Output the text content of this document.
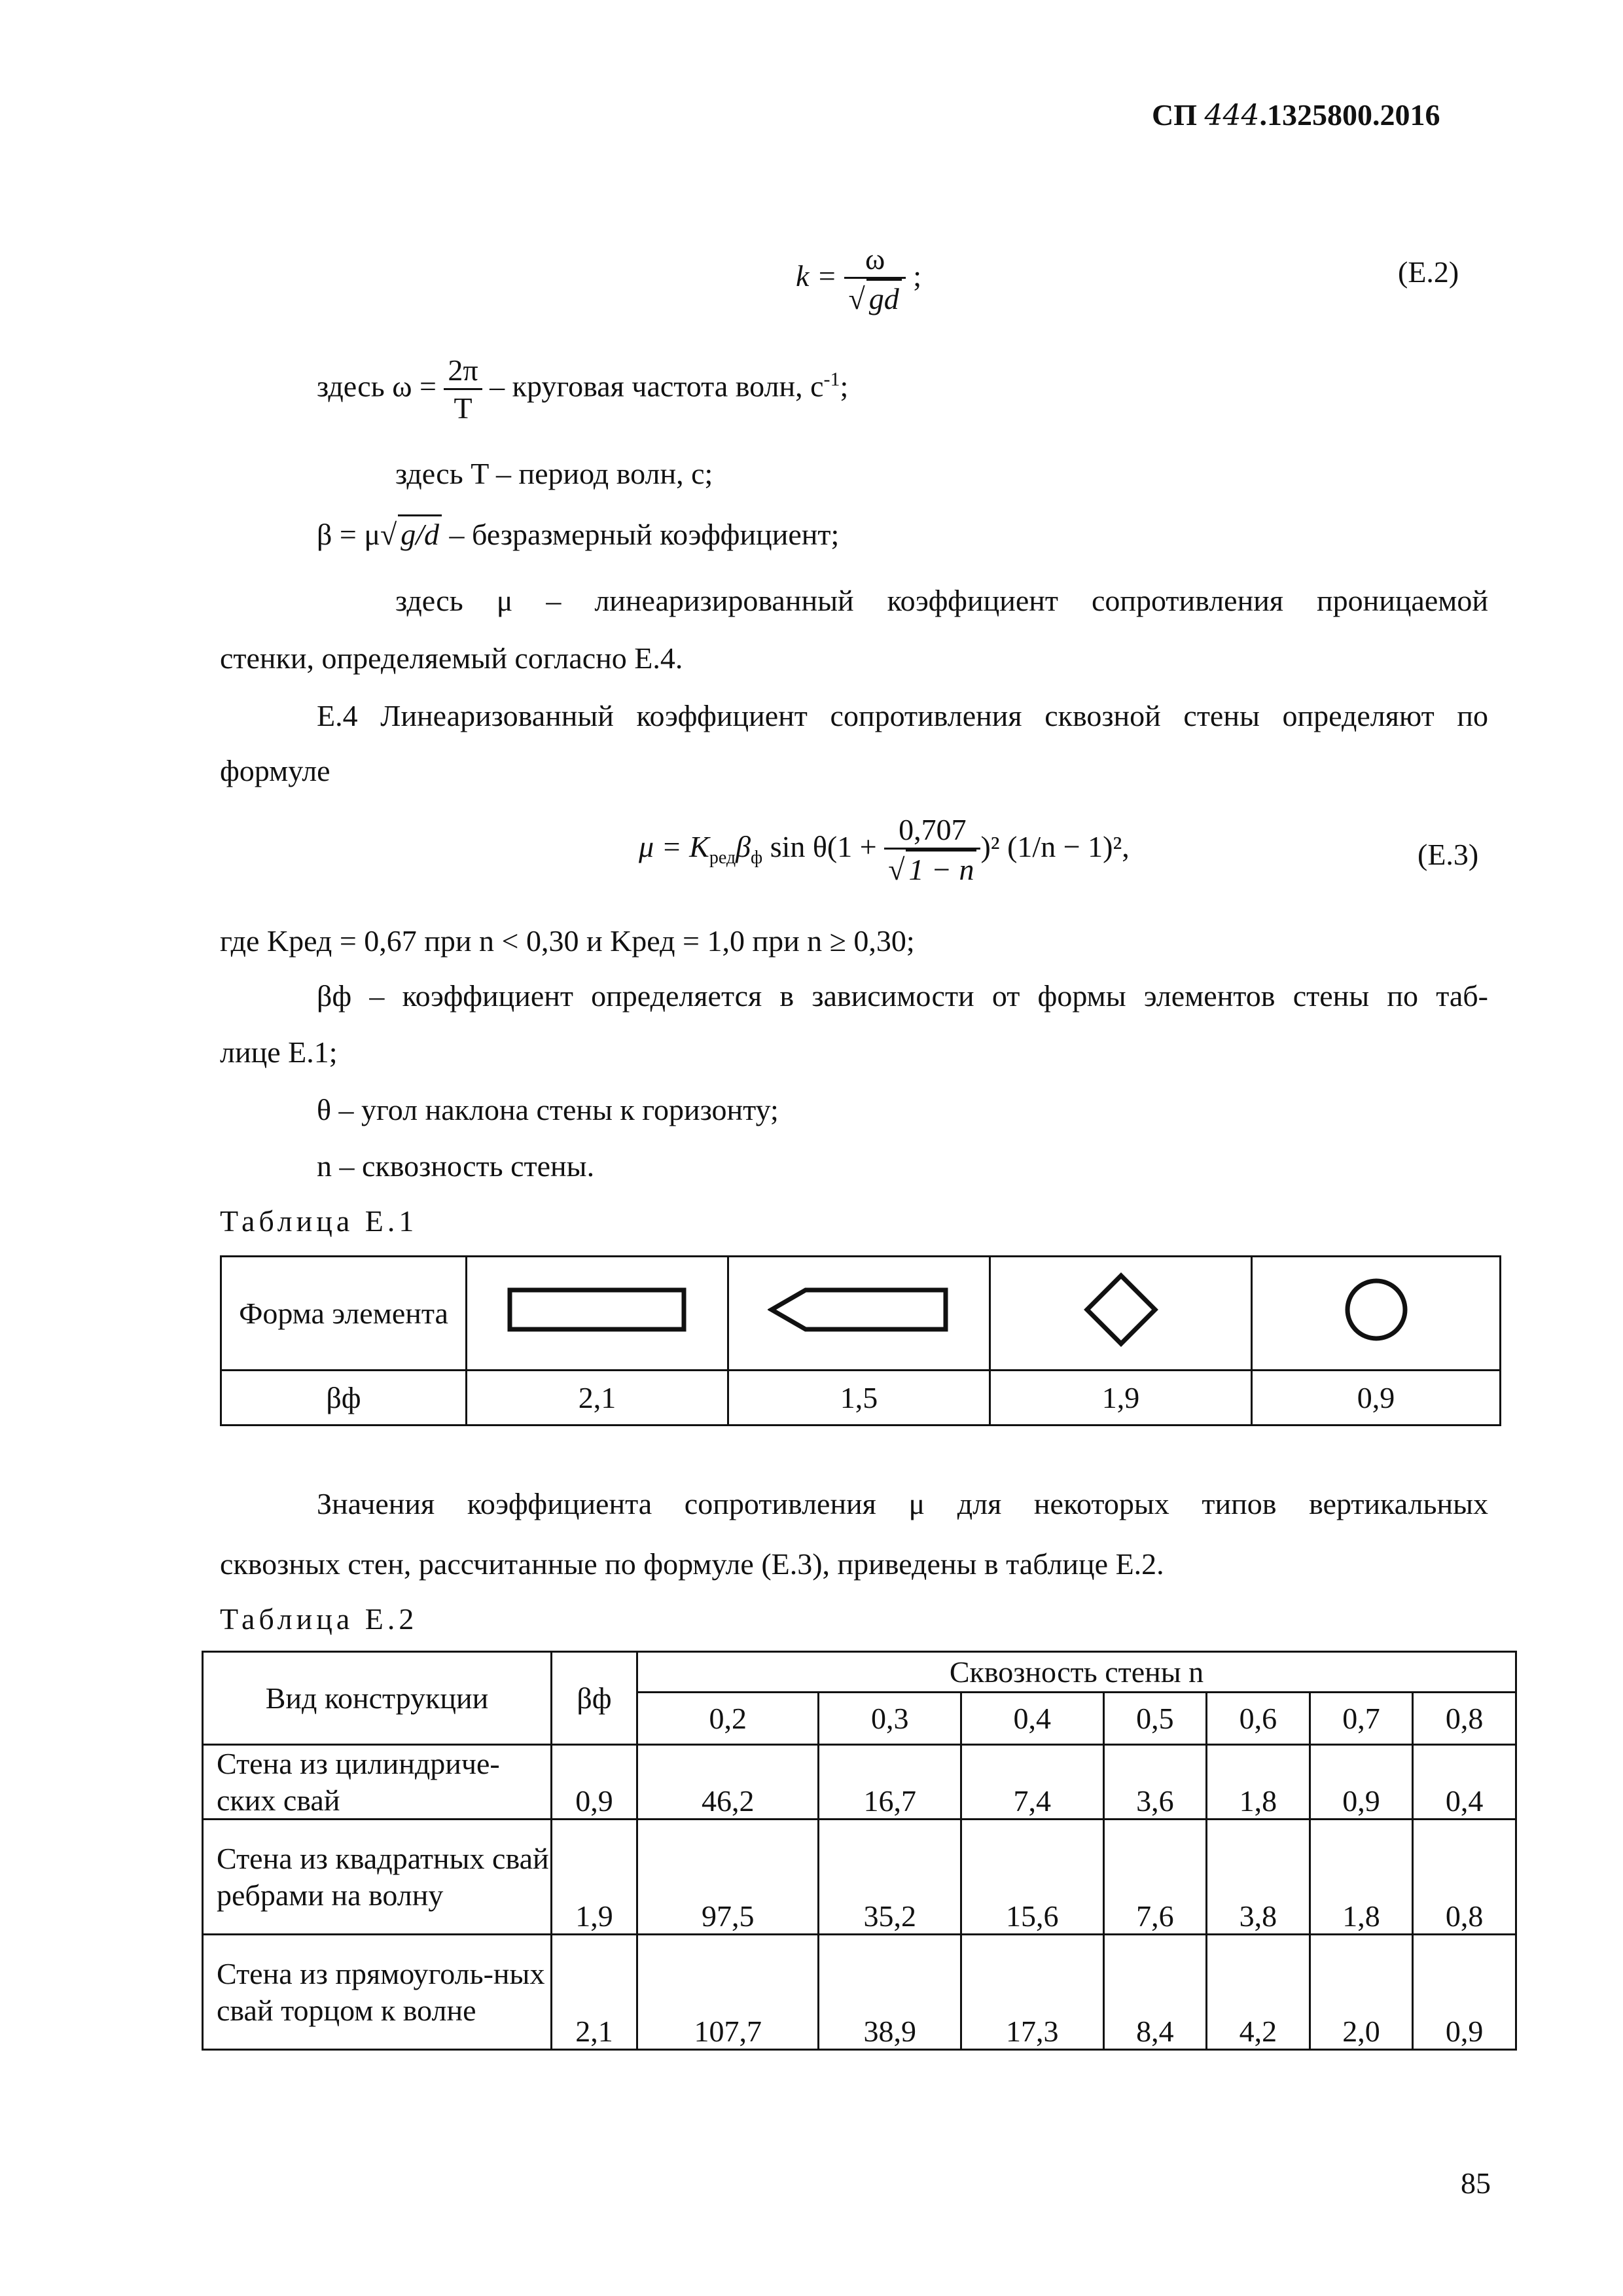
СП 444.1325800.2016
$k = \frac{\omega}{√ gd}$ ;	(Е.2)
здесь $\omega = \frac{2\pi}{T}$ – круговая частота волн, $с^{-1}$;
здесь T – период волн, с;
β = μ√ g/d – безразмерный коэффициент;
здесь μ – линеаризированный коэффициент сопротивления проницаемой
стенки, определяемый согласно Е.4.
Е.4 Линеаризованный коэффициент сопротивления сквозной стены определяют по
формуле
$\mu = K_{ред}\beta_ф$ $\sin \theta(1 + \frac{0,707}{√ 1 - n} )^2$ (1/n − 1)²,	(Е.3)
где Kред = 0,67 при n < 0,30 и Kред = 1,0 при n ≥ 0,30;
βф – коэффициент определяется в зависимости от формы элементов стены по таб-
лице Е.1;
θ – угол наклона стены к горизонту;
n – сквозность стены.
Таблица Е.1
Форма элемента				
βф	2,1	1,5	1,9	0,9
Значения коэффициента сопротивления μ для некоторых типов вертикальных
сквозных стен, рассчитанные по формуле (Е.3), приведены в таблице Е.2.
Таблица Е.2
Вид конструкции	βф	Сквозность стены n						
		0,2	0,3	0,4	0,5	0,6	0,7	0,8
Стена из цилиндриче-ских свай	0,9	46,2	16,7	7,4	3,6	1,8	0,9	0,4
Стена из квадратных свай ребрами на волну	1,9	97,5	35,2	15,6	7,6	3,8	1,8	0,8
Стена из прямоуголь-ных свай торцом к волне	2,1	107,7	38,9	17,3	8,4	4,2	2,0	0,9
85
